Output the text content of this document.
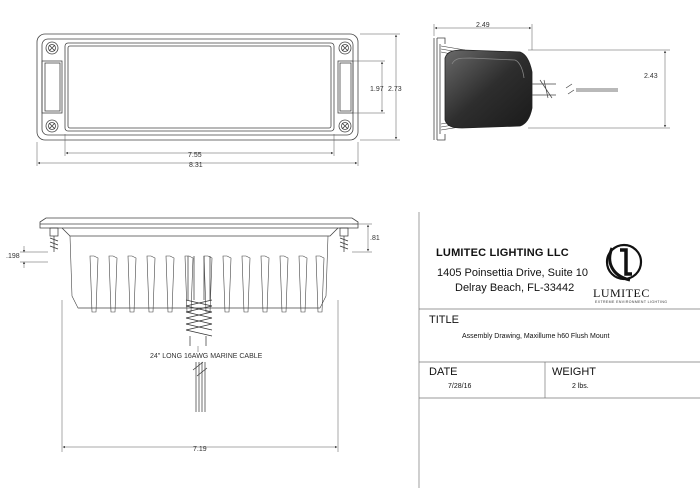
7.55
8.31
1.97 2.73
2.49
2.43
.198
.81
7.19
24" LONG 16AWG MARINE CABLE
LUMITEC LIGHTING LLC
1405 Poinsettia Drive, Suite 10
Delray Beach, FL-33442 LUMITEC
EXTREME ENVIRONMENT LIGHTING
TITLE
Assembly Drawing, Maxillume h60 Flush Mount
DATE
7/28/16
WEIGHT
2 lbs.
